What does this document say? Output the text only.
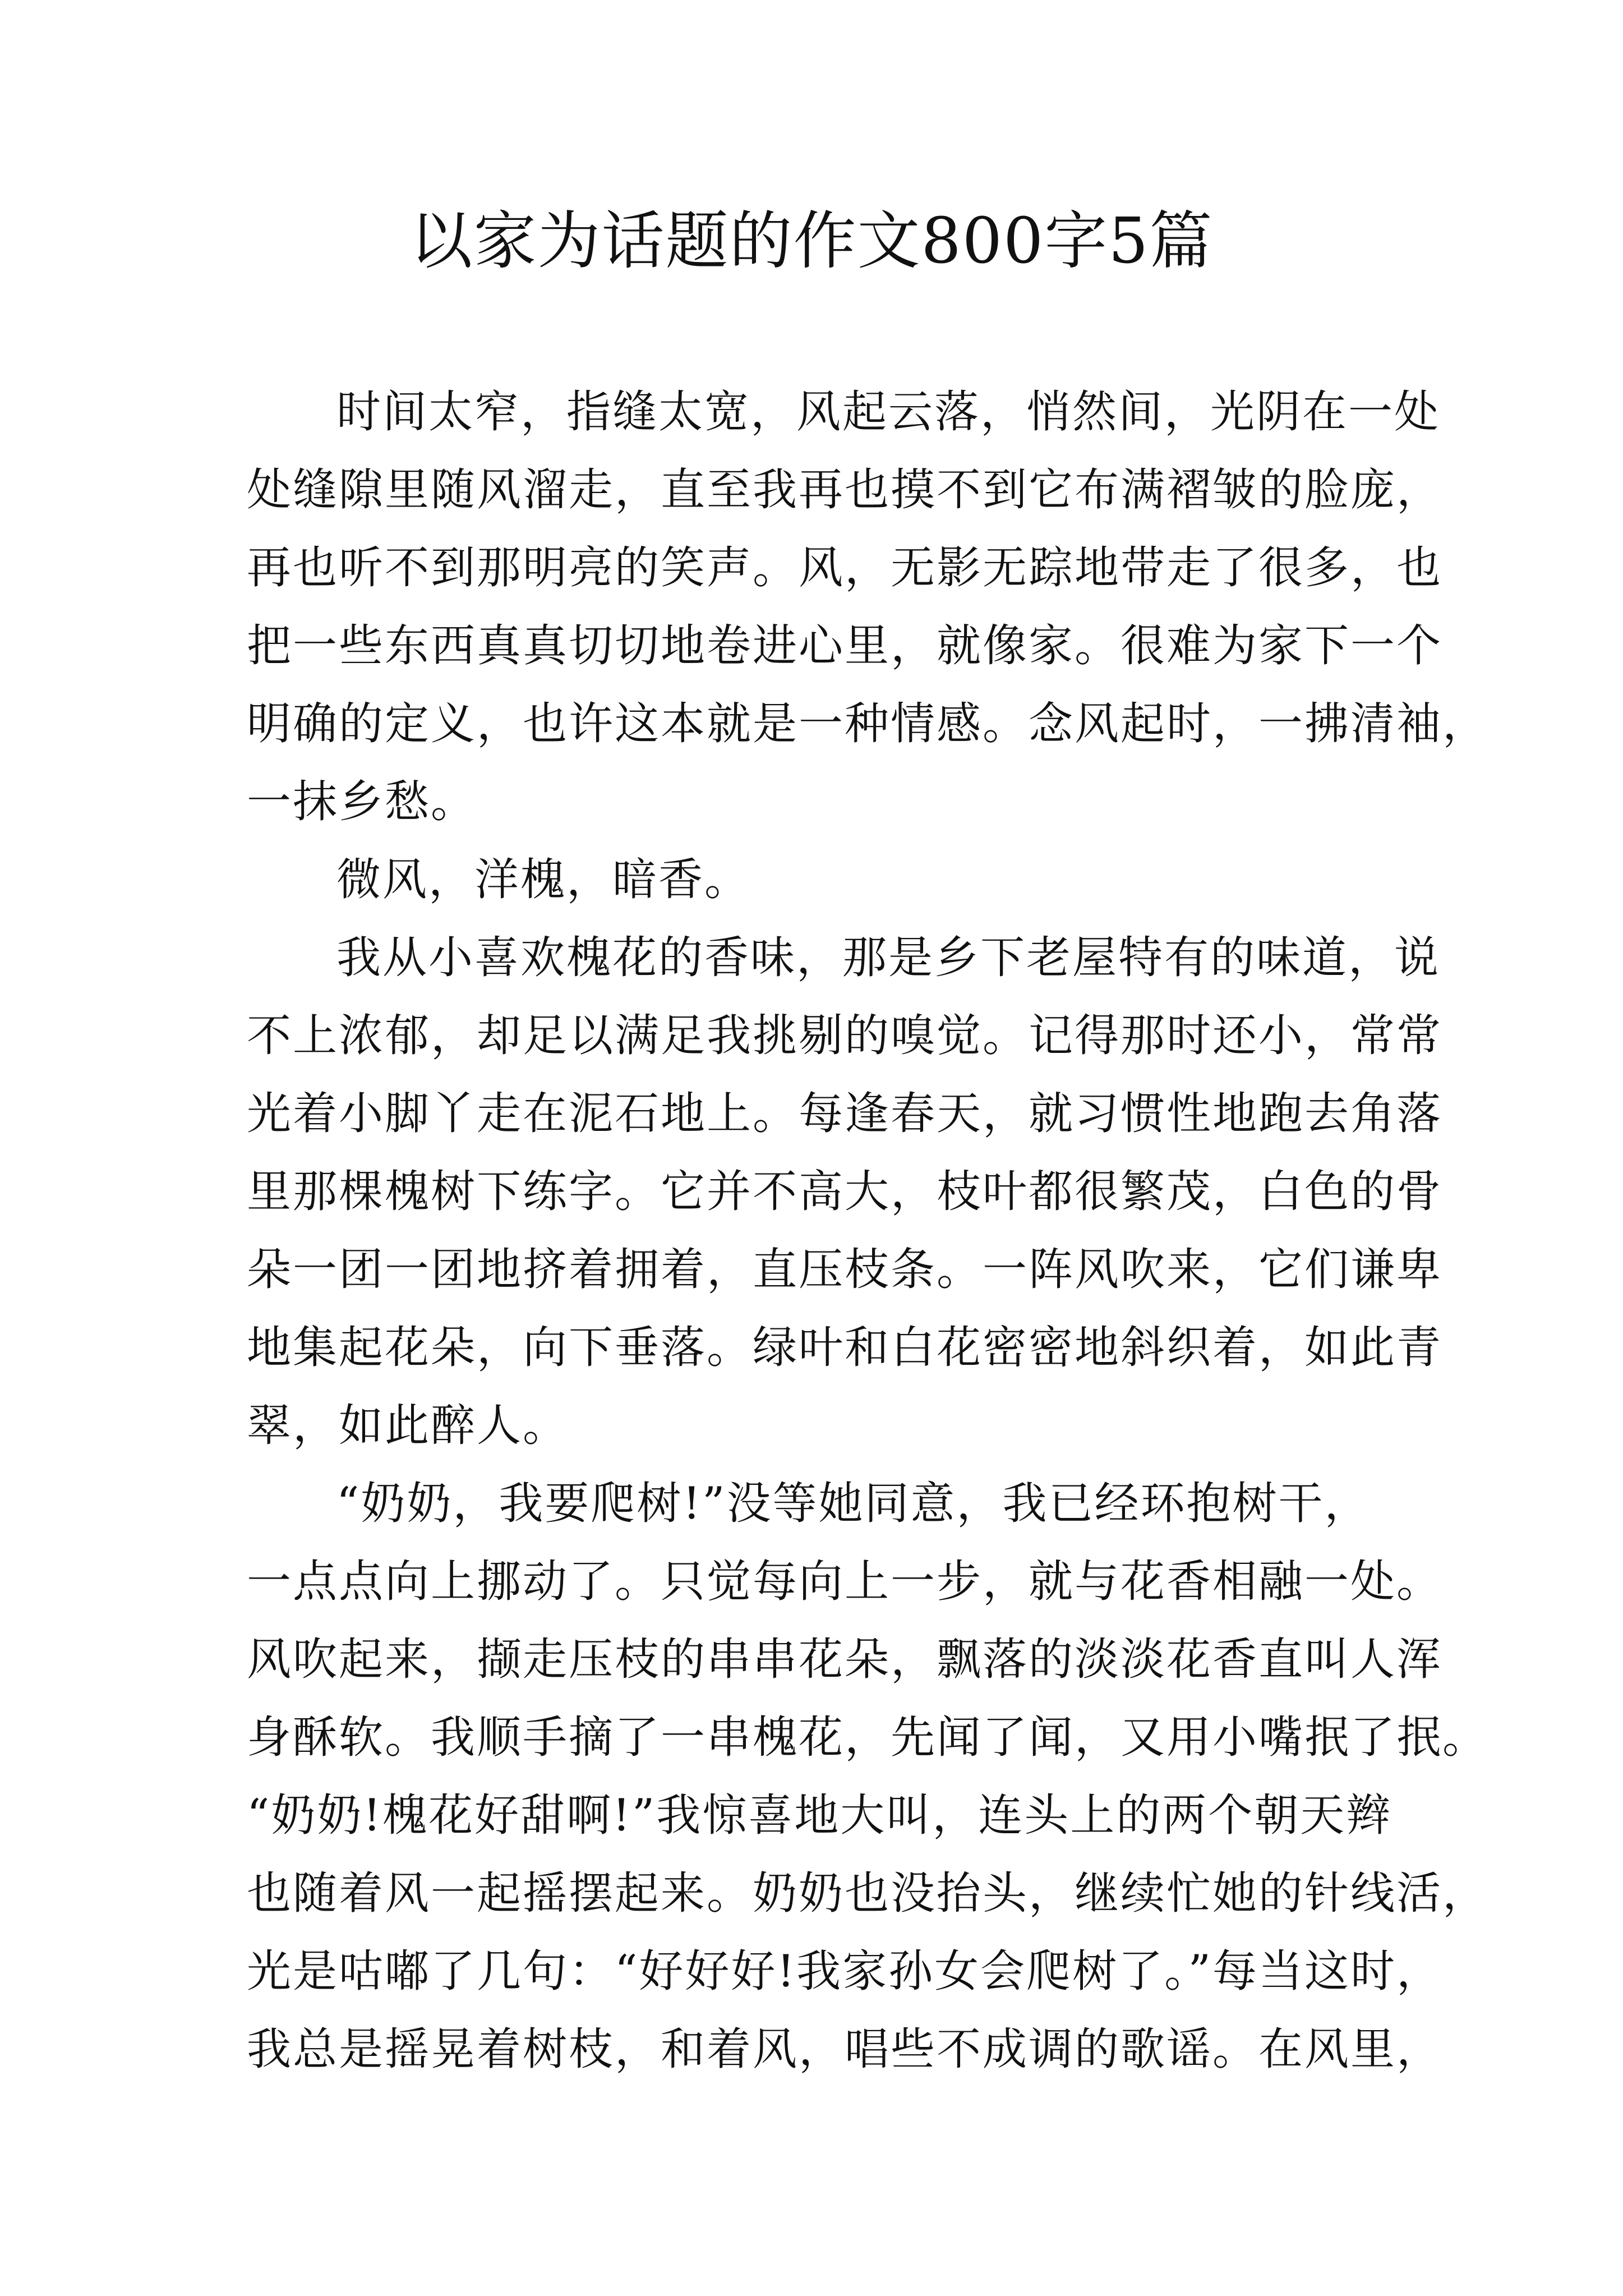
以家为话题的作文800字5篇

时间太窄，指缝太宽，风起云落，悄然间，光阴在一处

处缝隙里随风溜走，直至我再也摸不到它布满褶皱的脸庞，

再也听不到那明亮的笑声。风，无影无踪地带走了很多，也

把一些东西真真切切地卷进心里，就像家。很难为家下一个

明确的定义，也许这本就是一种情感。念风起时，一拂清袖，

一抹乡愁。

微风，洋槐，暗香。

我从小喜欢槐花的香味，那是乡下老屋特有的味道，说

不上浓郁，却足以满足我挑剔的嗅觉。记得那时还小，常常

光着小脚丫走在泥石地上。每逢春天，就习惯性地跑去角落

里那棵槐树下练字。它并不高大，枝叶都很繁茂，白色的骨

朵一团一团地挤着拥着，直压枝条。一阵风吹来，它们谦卑

地集起花朵，向下垂落。绿叶和白花密密地斜织着，如此青

翠，如此醉人。

“奶奶，我要爬树!”没等她同意，我已经环抱树干，

一点点向上挪动了。只觉每向上一步，就与花香相融一处。

风吹起来，撷走压枝的串串花朵，飘落的淡淡花香直叫人浑

身酥软。我顺手摘了一串槐花，先闻了闻，又用小嘴抿了抿。

“奶奶!槐花好甜啊!”我惊喜地大叫，连头上的两个朝天辫

也随着风一起摇摆起来。奶奶也没抬头，继续忙她的针线活，

光是咕嘟了几句：“好好好!我家孙女会爬树了。”每当这时，

我总是摇晃着树枝，和着风，唱些不成调的歌谣。在风里，
